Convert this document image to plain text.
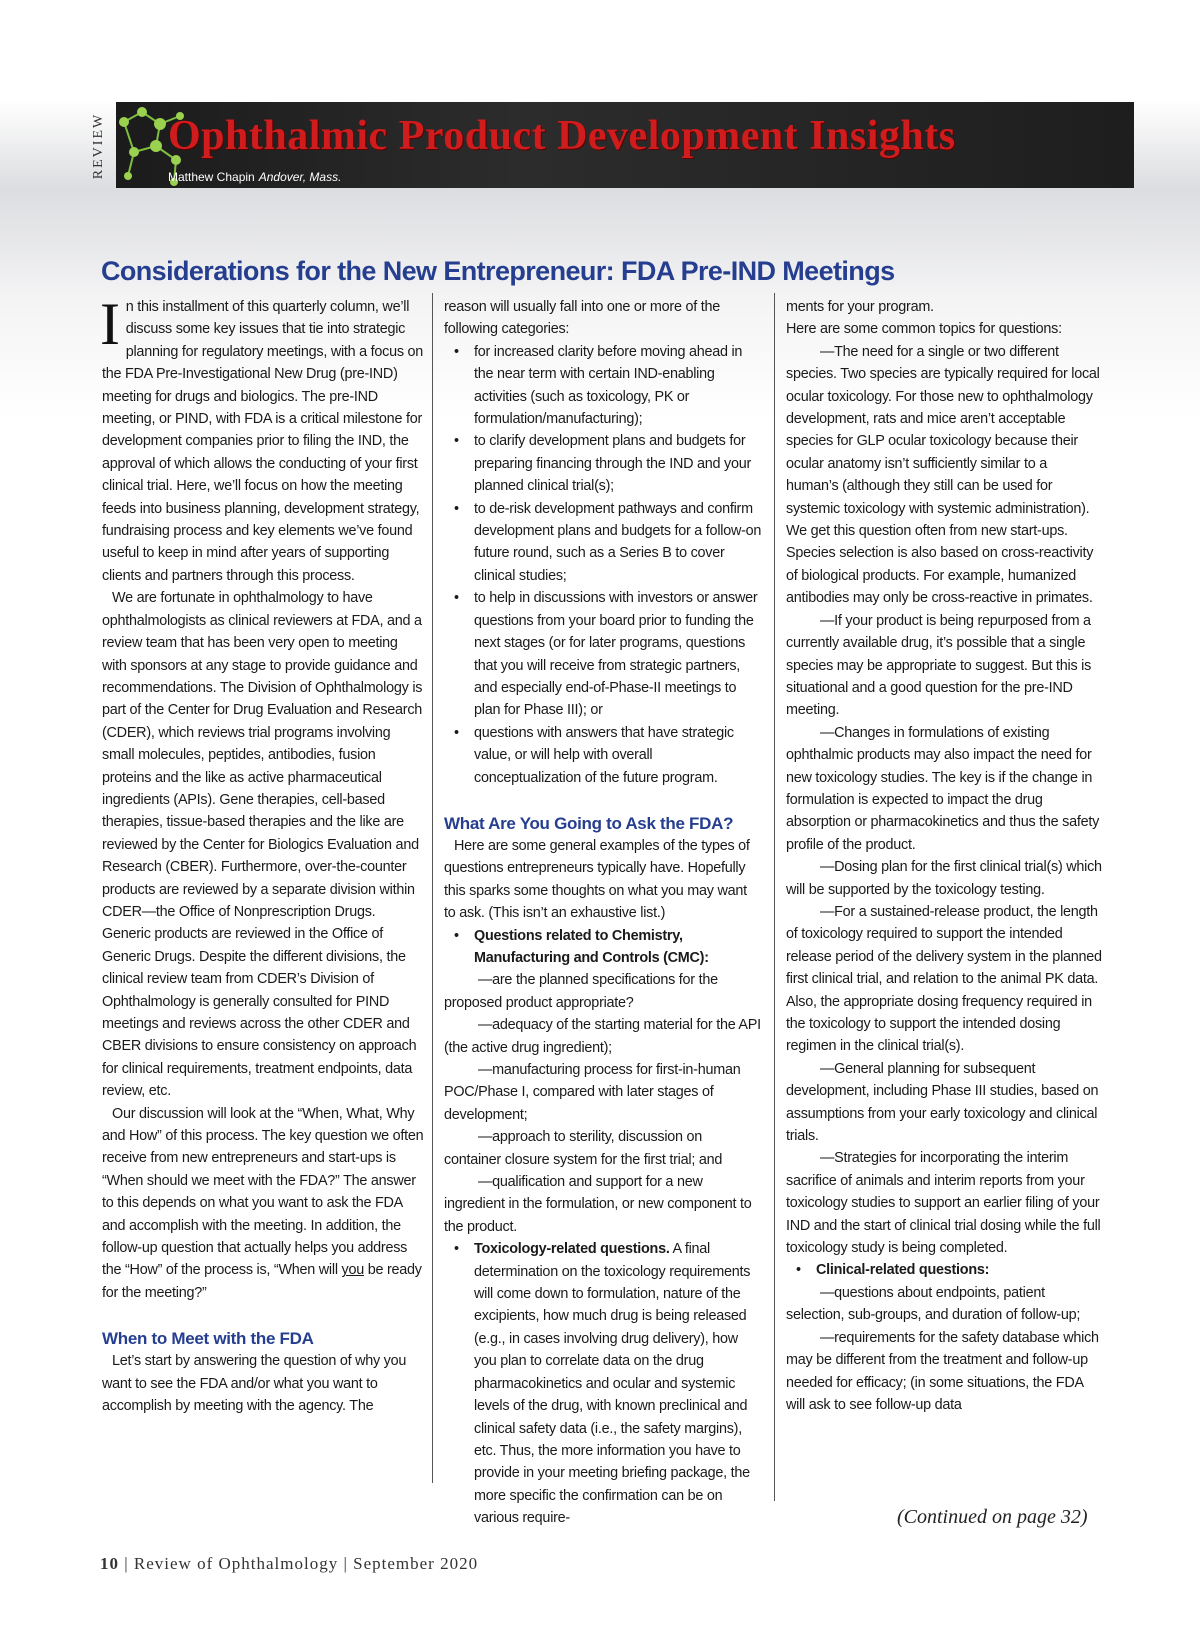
REVIEW Ophthalmic Product Development Insights
Matthew Chapin Andover, Mass.
Considerations for the New Entrepreneur: FDA Pre-IND Meetings

In this installment of this quarterly column, we’ll discuss some key issues that tie into strategic planning for regulatory meetings, with a focus on the FDA Pre-Investigational New Drug (pre-IND) meeting for drugs and biologics. The pre-IND meeting, or PIND, with FDA is a critical milestone for development companies prior to filing the IND, the approval of which allows the conducting of your first clinical trial. Here, we’ll focus on how the meeting feeds into business planning, development strategy, fundraising process and key elements we’ve found useful to keep in mind after years of supporting clients and partners through this process.

We are fortunate in ophthalmology to have ophthalmologists as clinical reviewers at FDA, and a review team that has been very open to meeting with sponsors at any stage to provide guidance and recommendations. The Division of Ophthalmology is part of the Center for Drug Evaluation and Research (CDER), which reviews trial programs involving small molecules, peptides, antibodies, fusion proteins and the like as active pharmaceutical ingredients (APIs). Gene therapies, cell-based therapies, tissue-based therapies and the like are reviewed by the Center for Biologics Evaluation and Research (CBER). Furthermore, over-the-counter products are reviewed by a separate division within CDER—the Office of Nonprescription Drugs. Generic products are reviewed in the Office of Generic Drugs. Despite the different divisions, the clinical review team from CDER’s Division of Ophthalmology is generally consulted for PIND meetings and reviews across the other CDER and CBER divisions to ensure consistency on approach for clinical requirements, treatment endpoints, data review, etc.

Our discussion will look at the “When, What, Why and How” of this process. The key question we often receive from new entrepreneurs and start-ups is “When should we meet with the FDA?” The answer to this depends on what you want to ask the FDA and accomplish with the meeting. In addition, the follow-up question that actually helps you address the “How” of the process is, “When will you be ready for the meeting?”

When to Meet with the FDA

Let’s start by answering the question of why you want to see the FDA and/or what you want to accomplish by meeting with the agency. The

reason will usually fall into one or more of the following categories:

• for increased clarity before moving ahead in the near term with certain IND-enabling activities (such as toxicology, PK or formulation/manufacturing);

• to clarify development plans and budgets for preparing financing through the IND and your planned clinical trial(s);

• to de-risk development pathways and confirm development plans and budgets for a follow-on future round, such as a Series B to cover clinical studies;

• to help in discussions with investors or answer questions from your board prior to funding the next stages (or for later programs, questions that you will receive from strategic partners, and especially end-of-Phase-II meetings to plan for Phase III); or

• questions with answers that have strategic value, or will help with overall conceptualization of the future program.

What Are You Going to Ask the FDA?

Here are some general examples of the types of questions entrepreneurs typically have. Hopefully this sparks some thoughts on what you may want to ask. (This isn’t an exhaustive list.)

• Questions related to Chemistry, Manufacturing and Controls (CMC):

—are the planned specifications for the proposed product appropriate?

—adequacy of the starting material for the API (the active drug ingredient);

—manufacturing process for first-in-human POC/Phase I, compared with later stages of development;

—approach to sterility, discussion on container closure system for the first trial; and

—qualification and support for a new ingredient in the formulation, or new component to the product.

• Toxicology-related questions. A final determination on the toxicology requirements will come down to formulation, nature of the excipients, how much drug is being released (e.g., in cases involving drug delivery), how you plan to correlate data on the drug pharmacokinetics and ocular and systemic levels of the drug, with known preclinical and clinical safety data (i.e., the safety margins), etc. Thus, the more information you have to provide in your meeting briefing package, the more specific the confirmation can be on various require-

ments for your program.

Here are some common topics for questions:

—The need for a single or two different species. Two species are typically required for local ocular toxicology. For those new to ophthalmology development, rats and mice aren’t acceptable species for GLP ocular toxicology because their ocular anatomy isn’t sufficiently similar to a human’s (although they still can be used for systemic toxicology with systemic administration). We get this question often from new start-ups. Species selection is also based on cross-reactivity of biological products. For example, humanized antibodies may only be cross-reactive in primates.

—If your product is being repurposed from a currently available drug, it’s possible that a single species may be appropriate to suggest. But this is situational and a good question for the pre-IND meeting.

—Changes in formulations of existing ophthalmic products may also impact the need for new toxicology studies. The key is if the change in formulation is expected to impact the drug absorption or pharmacokinetics and thus the safety profile of the product.

—Dosing plan for the first clinical trial(s) which will be supported by the toxicology testing.

—For a sustained-release product, the length of toxicology required to support the intended release period of the delivery system in the planned first clinical trial, and relation to the animal PK data. Also, the appropriate dosing frequency required in the toxicology to support the intended dosing regimen in the clinical trial(s).

—General planning for subsequent development, including Phase III studies, based on assumptions from your early toxicology and clinical trials.

—Strategies for incorporating the interim sacrifice of animals and interim reports from your toxicology studies to support an earlier filing of your IND and the start of clinical trial dosing while the full toxicology study is being completed.

• Clinical-related questions:

—questions about endpoints, patient selection, sub-groups, and duration of follow-up;

—requirements for the safety database which may be different from the treatment and follow-up needed for efficacy; (in some situations, the FDA will ask to see follow-up data

(Continued on page 32)
10 | Review of Ophthalmology | September 2020
